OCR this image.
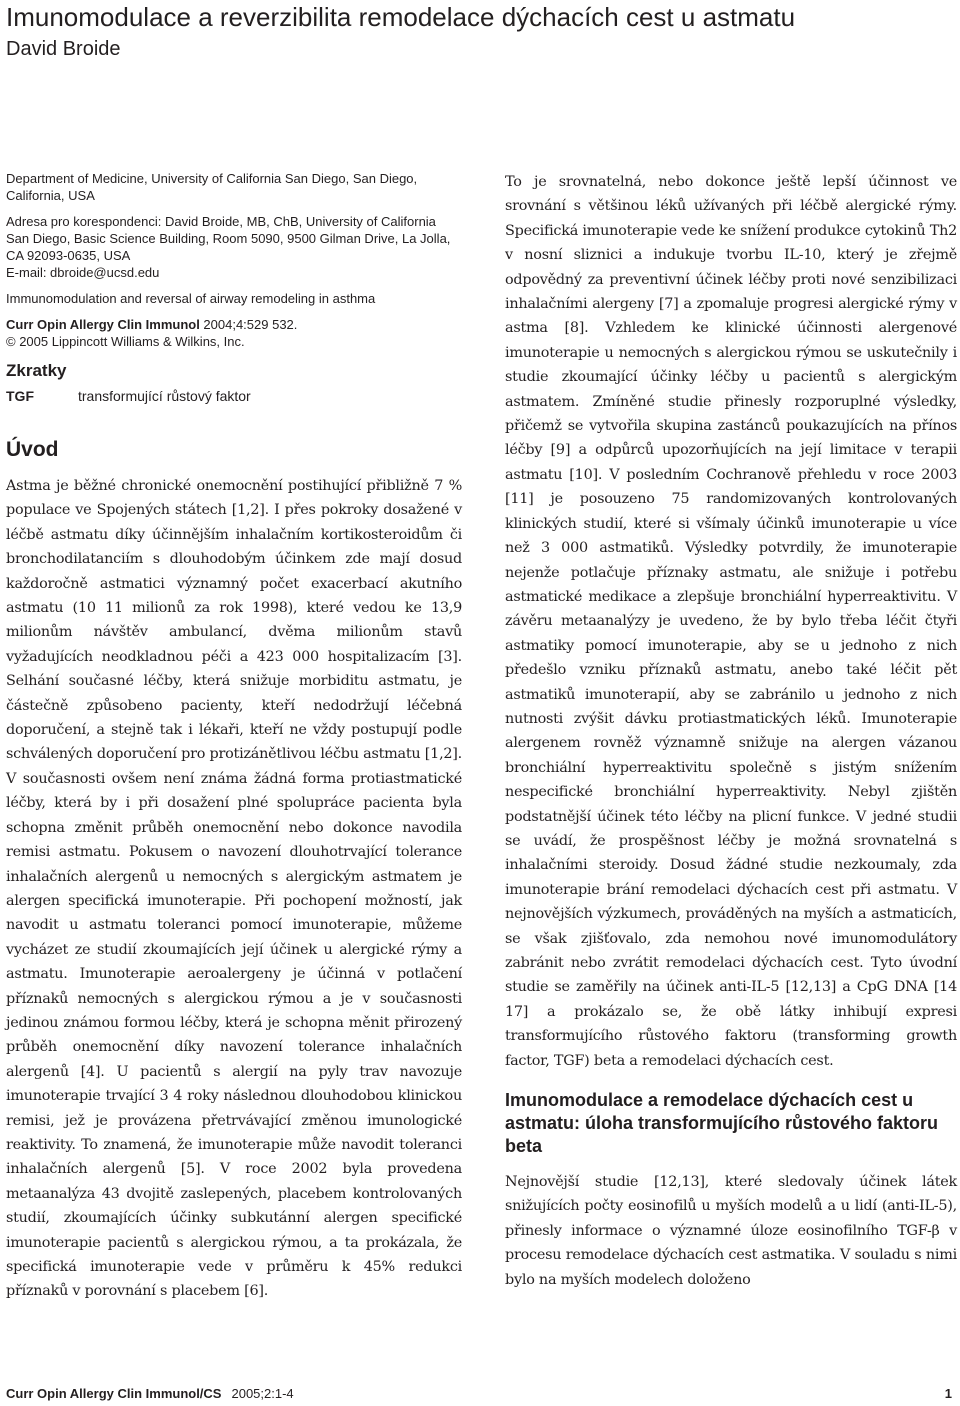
Imunomodulace a reverzibilita remodelace dýchacích cest u astmatu
David Broide

Department of Medicine, University of California San Diego, San Diego, California, USA

Adresa pro korespondenci: David Broide, MB, ChB, University of California San Diego, Basic Science Building, Room 5090, 9500 Gilman Drive, La Jolla, CA 92093-0635, USA

E-mail: dbroide@ucsd.edu

Immunomodulation and reversal of airway remodeling in asthma

Curr Opin Allergy Clin Immunol 2004;4:529 532.

© 2005 Lippincott Williams & Wilkins, Inc.

Zkratky
TGF	transformující růstový faktor
Úvod

Astma je běžné chronické onemocnění postihující přibližně 7 % populace ve Spojených státech [1,2]. I přes pokroky dosažené v léčbě astmatu díky účinnějším inhalačním kortikosteroidům či bronchodilatanciím s dlouhodobým účinkem zde mají dosud každoročně astmatici významný počet exacerbací akutního astmatu (10 11 milionů za rok 1998), které vedou ke 13,9 milionům návštěv ambulancí, dvěma milionům stavů vyžadujících neodkladnou péči a 423 000 hospitalizacím [3]. Selhání současné léčby, která snižuje morbiditu astmatu, je částečně způsobeno pacienty, kteří nedodržují léčebná doporučení, a stejně tak i lékaři, kteří ne vždy postupují podle schválených doporučení pro protizánětlivou léčbu astmatu [1,2]. V současnosti ovšem není známa žádná forma protiastmatické léčby, která by i při dosažení plné spolupráce pacienta byla schopna změnit průběh onemocnění nebo dokonce navodila remisi astmatu. Pokusem o navození dlouhotrvající tolerance inhalačních alergenů u nemocných s alergickým astmatem je alergen specifická imunoterapie. Při pochopení možností, jak navodit u astmatu toleranci pomocí imunoterapie, můžeme vycházet ze studií zkoumajících její účinek u alergické rýmy a astmatu. Imunoterapie aeroalergeny je účinná v potlačení příznaků nemocných s alergickou rýmou a je v současnosti jedinou známou formou léčby, která je schopna měnit přirozený průběh onemocnění díky navození tolerance inhalačních alergenů [4]. U pacientů s alergií na pyly trav navozuje imunoterapie trvající 3 4 roky následnou dlouhodobou klinickou remisi, jež je provázena přetrvávající změnou imunologické reaktivity. To znamená, že imunoterapie může navodit toleranci inhalačních alergenů [5]. V roce 2002 byla provedena metaanalýza 43 dvojitě zaslepených, placebem kontrolovaných studií, zkoumajících účinky subkutánní alergen specifické imunoterapie pacientů s alergickou rýmou, a ta prokázala, že specifická imunoterapie vede v průměru k 45% redukci příznaků v porovnání s placebem [6].

To je srovnatelná, nebo dokonce ještě lepší účinnost ve srovnání s většinou léků užívaných při léčbě alergické rýmy. Specifická imunoterapie vede ke snížení produkce cytokinů Th2 v nosní sliznici a indukuje tvorbu IL-10, který je zřejmě odpovědný za preventivní účinek léčby proti nové senzibilizaci inhalačními alergeny [7] a zpomaluje progresi alergické rýmy v astma [8]. Vzhledem ke klinické účinnosti alergenové imunoterapie u nemocných s alergickou rýmou se uskutečnily i studie zkoumající účinky léčby u pacientů s alergickým astmatem. Zmíněné studie přinesly rozporuplné výsledky, přičemž se vytvořila skupina zastánců poukazujících na přínos léčby [9] a odpůrců upozorňujících na její limitace v terapii astmatu [10]. V posledním Cochranově přehledu v roce 2003 [11] je posouzeno 75 randomizovaných kontrolovaných klinických studií, které si všímaly účinků imunoterapie u více než 3 000 astmatiků. Výsledky potvrdily, že imunoterapie nejenže potlačuje příznaky astmatu, ale snižuje i potřebu astmatické medikace a zlepšuje bronchiální hyperreaktivitu. V závěru metaanalýzy je uvedeno, že by bylo třeba léčit čtyři astmatiky pomocí imunoterapie, aby se u jednoho z nich předešlo vzniku příznaků astmatu, anebo také léčit pět astmatiků imunoterapií, aby se zabránilo u jednoho z nich nutnosti zvýšit dávku protiastmatických léků. Imunoterapie alergenem rovněž významně snižuje na alergen vázanou bronchiální hyperreaktivitu společně s jistým snížením nespecifické bronchiální hyperreaktivity. Nebyl zjištěn podstatnější účinek této léčby na plicní funkce. V jedné studii se uvádí, že prospěšnost léčby je možná srovnatelná s inhalačními steroidy. Dosud žádné studie nezkoumaly, zda imunoterapie brání remodelaci dýchacích cest při astmatu. V nejnovějších výzkumech, prováděných na myších a astmaticích, se však zjišťovalo, zda nemohou nové imunomodulátory zabránit nebo zvrátit remodelaci dýchacích cest. Tyto úvodní studie se zaměřily na účinek anti-IL-5 [12,13] a CpG DNA [14 17] a prokázalo se, že obě látky inhibují expresi transformujícího růstového faktoru (transforming growth factor, TGF) beta a remodelaci dýchacích cest.

Imunomodulace a remodelace dýchacích cest u astmatu: úloha transformujícího růstového faktoru beta

Nejnovější studie [12,13], které sledovaly účinek látek snižujících počty eosinofilů u myších modelů a u lidí (anti-IL-5), přinesly informace o významné úloze eosinofilního TGF-β v procesu remodelace dýchacích cest astmatika. V souladu s nimi bylo na myších modelech doloženo

Curr Opin Allergy Clin Immunol/CS 2005;2:1-4	1
